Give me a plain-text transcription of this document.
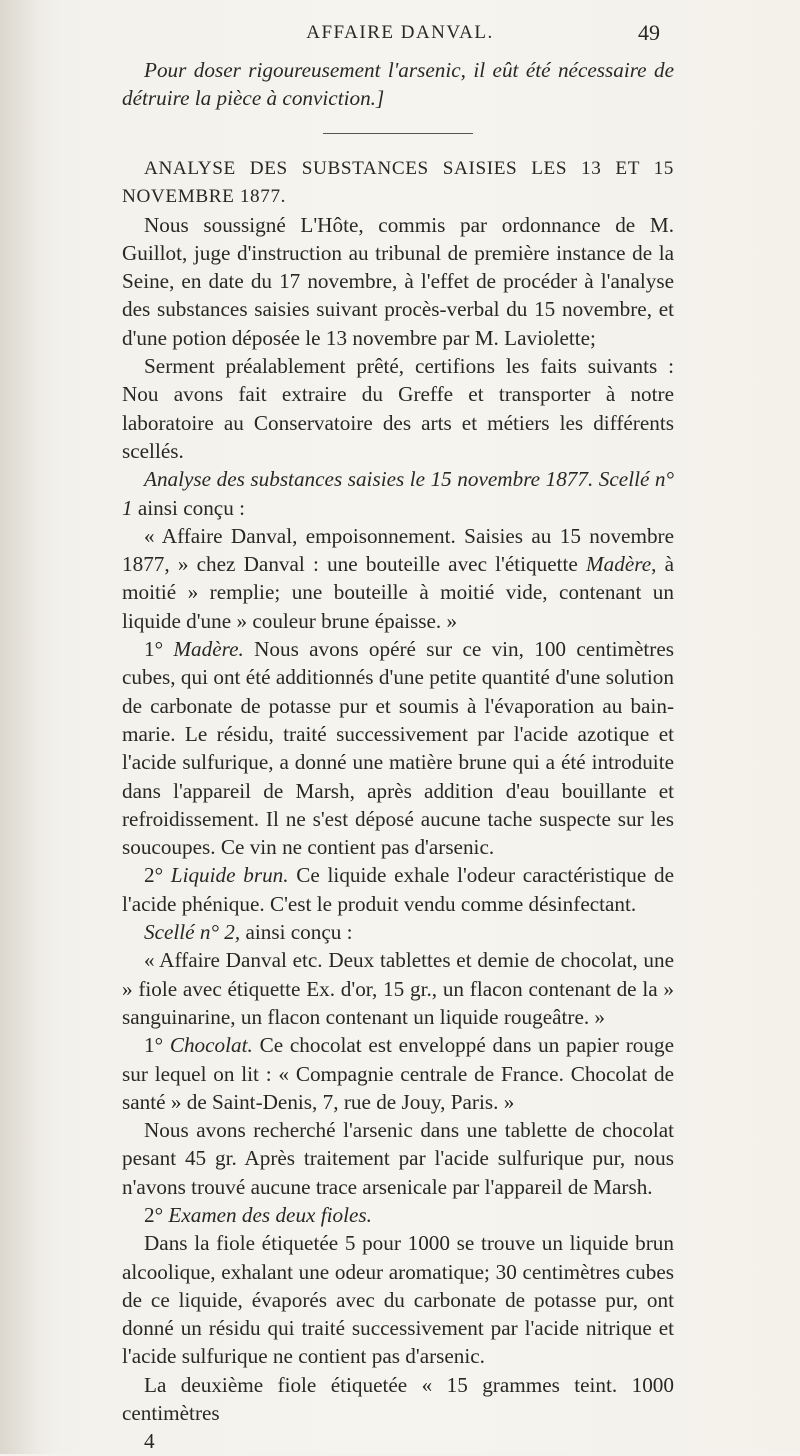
AFFAIRE DANVAL.	49

Pour doser rigoureusement l'arsenic, il eût été nécessaire de détruire la pièce à conviction.]

ANALYSE DES SUBSTANCES SAISIES LES 13 ET 15 NOVEMBRE 1877.

Nous soussigné L'Hôte, commis par ordonnance de M. Guillot, juge d'instruction au tribunal de première instance de la Seine, en date du 17 novembre, à l'effet de procéder à l'analyse des substances saisies suivant procès-verbal du 15 novembre, et d'une potion déposée le 13 novembre par M. Laviolette;

Serment préalablement prêté, certifions les faits suivants : Nou avons fait extraire du Greffe et transporter à notre laboratoire au Conservatoire des arts et métiers les différents scellés.

Analyse des substances saisies le 15 novembre 1877. Scellé n° 1 ainsi conçu :

« Affaire Danval, empoisonnement. Saisies au 15 novembre 1877, » chez Danval : une bouteille avec l'étiquette Madère, à moitié » remplie; une bouteille à moitié vide, contenant un liquide d'une » couleur brune épaisse. »

1° Madère. Nous avons opéré sur ce vin, 100 centimètres cubes, qui ont été additionnés d'une petite quantité d'une solution de carbonate de potasse pur et soumis à l'évaporation au bain-marie. Le résidu, traité successivement par l'acide azotique et l'acide sulfurique, a donné une matière brune qui a été introduite dans l'appareil de Marsh, après addition d'eau bouillante et refroidissement. Il ne s'est déposé aucune tache suspecte sur les soucoupes. Ce vin ne contient pas d'arsenic.

2° Liquide brun. Ce liquide exhale l'odeur caractéristique de l'acide phénique. C'est le produit vendu comme désinfectant.

Scellé n° 2, ainsi conçu :

« Affaire Danval etc. Deux tablettes et demie de chocolat, une » fiole avec étiquette Ex. d'or, 15 gr., un flacon contenant de la » sanguinarine, un flacon contenant un liquide rougeâtre. »

1° Chocolat. Ce chocolat est enveloppé dans un papier rouge sur lequel on lit : « Compagnie centrale de France. Chocolat de santé » de Saint-Denis, 7, rue de Jouy, Paris. »

Nous avons recherché l'arsenic dans une tablette de chocolat pesant 45 gr. Après traitement par l'acide sulfurique pur, nous n'avons trouvé aucune trace arsenicale par l'appareil de Marsh.

2° Examen des deux fioles.

Dans la fiole étiquetée 5 pour 1000 se trouve un liquide brun alcoolique, exhalant une odeur aromatique; 30 centimètres cubes de ce liquide, évaporés avec du carbonate de potasse pur, ont donné un résidu qui traité successivement par l'acide nitrique et l'acide sulfurique ne contient pas d'arsenic.

La deuxième fiole étiquetée « 15 grammes teint. 1000 centimètres

4
